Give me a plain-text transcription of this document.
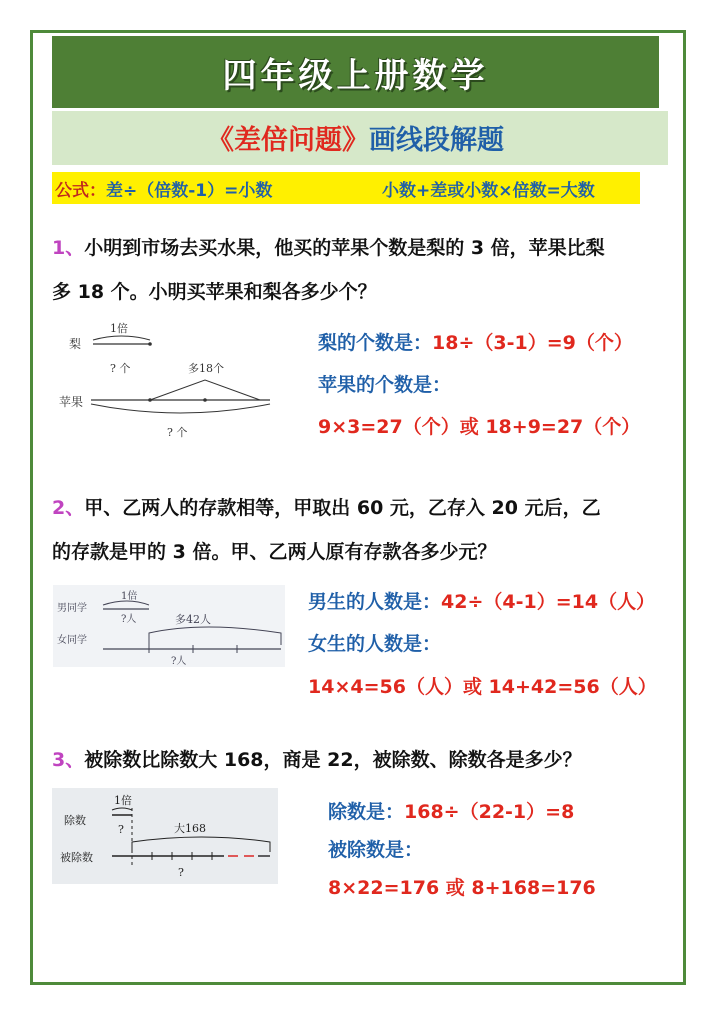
四年级上册数学
《差倍问题》画线段解题
公式：差÷（倍数-1）=小数	小数+差或小数×倍数=大数
1、小明到市场去买水果，他买的苹果个数是梨的 3 倍，苹果比梨
多 18 个。小明买苹果和梨各多少个？
梨
苹果
1倍
? 个	多18个
? 个
梨的个数是：18÷（3-1）=9（个）
苹果的个数是：
9×3=27（个）或 18+9=27（个）
2、甲、乙两人的存款相等，甲取出 60 元，乙存入 20 元后，乙
的存款是甲的 3 倍。甲、乙两人原有存款各多少元？
男同学
女同学
1倍
?人	多42人
?人
男生的人数是：42÷（4-1）=14（人）
女生的人数是：
14×4=56（人）或 14+42=56（人）
3、被除数比除数大 168，商是 22，被除数、除数各是多少？
除数
被除数
1倍
?	大168
?
除数是：168÷（22-1）=8
被除数是：
8×22=176 或 8+168=176
